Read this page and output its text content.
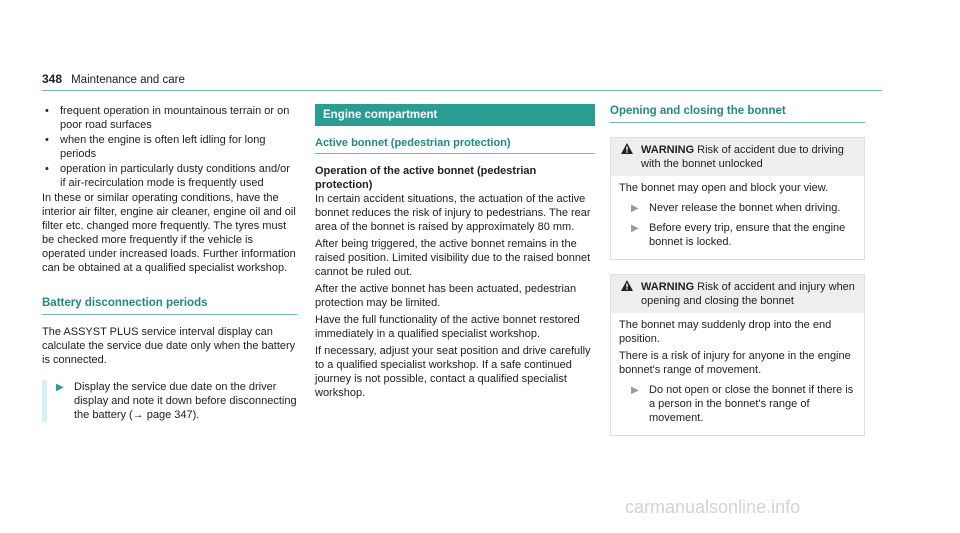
348 Maintenance and care
• frequent operation in mountainous terrain or on poor road surfaces
• when the engine is often left idling for long periods
• operation in particularly dusty conditions and/or if air-recirculation mode is frequently used

In these or similar operating conditions, have the interior air filter, engine air cleaner, engine oil and oil filter etc. changed more frequently. The tyres must be checked more frequently if the vehicle is operated under increased loads. Further information can be obtained at a qualified specialist workshop.

Battery disconnection periods

The ASSYST PLUS service interval display can calculate the service due date only when the battery is connected.

▶ Display the service due date on the driver display and note it down before disconnecting the battery (→ page 347).
Engine compartment
Active bonnet (pedestrian protection)
Operation of the active bonnet (pedestrian protection)

In certain accident situations, the actuation of the active bonnet reduces the risk of injury to pedestrians. The rear area of the bonnet is raised by approximately 80 mm.

After being triggered, the active bonnet remains in the raised position. Limited visibility due to the raised bonnet cannot be ruled out.

After the active bonnet has been actuated, pedestrian protection may be limited.

Have the full functionality of the active bonnet restored immediately in a qualified specialist workshop.

If necessary, adjust your seat position and drive carefully to a qualified specialist workshop. If a safe continued journey is not possible, contact a qualified specialist workshop.

Opening and closing the bonnet
WARNING Risk of accident due to driving with the bonnet unlocked

The bonnet may open and block your view.

▶ Never release the bonnet when driving.
▶ Before every trip, ensure that the engine bonnet is locked.
WARNING Risk of accident and injury when opening and closing the bonnet

The bonnet may suddenly drop into the end position.

There is a risk of injury for anyone in the engine bonnet's range of movement.

▶ Do not open or close the bonnet if there is a person in the bonnet's range of movement.
carmanualsonline.info
